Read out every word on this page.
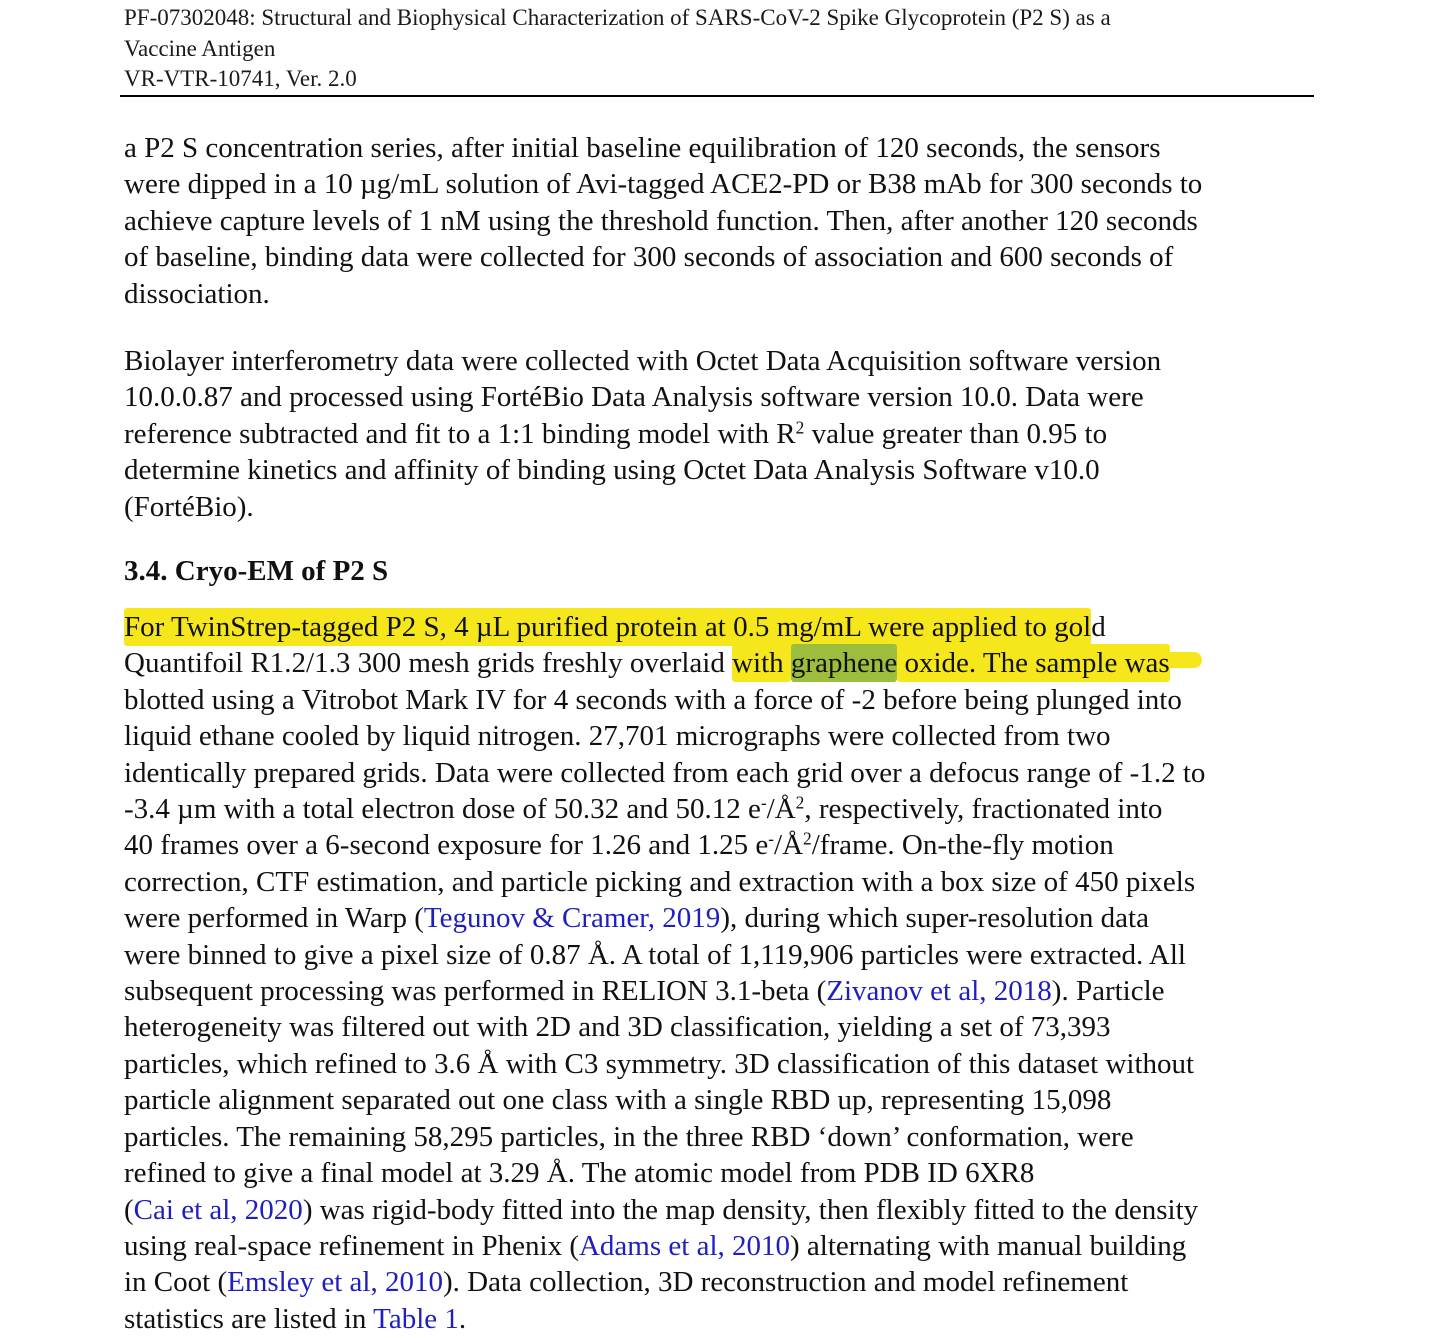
PF-07302048: Structural and Biophysical Characterization of SARS-CoV-2 Spike Glycoprotein (P2 S) as a
Vaccine Antigen
VR-VTR-10741, Ver. 2.0
a P2 S concentration series, after initial baseline equilibration of 120 seconds, the sensors
were dipped in a 10 µg/mL solution of Avi-tagged ACE2-PD or B38 mAb for 300 seconds to
achieve capture levels of 1 nM using the threshold function. Then, after another 120 seconds
of baseline, binding data were collected for 300 seconds of association and 600 seconds of
dissociation.
Biolayer interferometry data were collected with Octet Data Acquisition software version
10.0.0.87 and processed using FortéBio Data Analysis software version 10.0. Data were
reference subtracted and fit to a 1:1 binding model with $R^2$ value greater than 0.95 to
determine kinetics and affinity of binding using Octet Data Analysis Software v10.0
(FortéBio).
3.4. Cryo-EM of P2 S
For TwinStrep-tagged P2 S, 4 µL purified protein at 0.5 mg/mL were applied to gold
Quantifoil R1.2/1.3 300 mesh grids freshly overlaid with graphene oxide. The sample was
blotted using a Vitrobot Mark IV for 4 seconds with a force of -2 before being plunged into
liquid ethane cooled by liquid nitrogen. 27,701 micrographs were collected from two
identically prepared grids. Data were collected from each grid over a defocus range of -1.2 to
-3.4 µm with a total electron dose of 50.32 and 50.12 $e^-/Å^2$, respectively, fractionated into
40 frames over a 6-second exposure for 1.26 and 1.25 $e^-/Å^2$/frame. On-the-fly motion
correction, CTF estimation, and particle picking and extraction with a box size of 450 pixels
were performed in Warp (Tegunov & Cramer, 2019), during which super-resolution data
were binned to give a pixel size of 0.87 Å. A total of 1,119,906 particles were extracted. All
subsequent processing was performed in RELION 3.1-beta (Zivanov et al, 2018). Particle
heterogeneity was filtered out with 2D and 3D classification, yielding a set of 73,393
particles, which refined to 3.6 Å with C3 symmetry. 3D classification of this dataset without
particle alignment separated out one class with a single RBD up, representing 15,098
particles. The remaining 58,295 particles, in the three RBD ‘down’ conformation, were
refined to give a final model at 3.29 Å. The atomic model from PDB ID 6XR8
(Cai et al, 2020) was rigid-body fitted into the map density, then flexibly fitted to the density
using real-space refinement in Phenix (Adams et al, 2010) alternating with manual building
in Coot (Emsley et al, 2010). Data collection, 3D reconstruction and model refinement
statistics are listed in Table 1.
